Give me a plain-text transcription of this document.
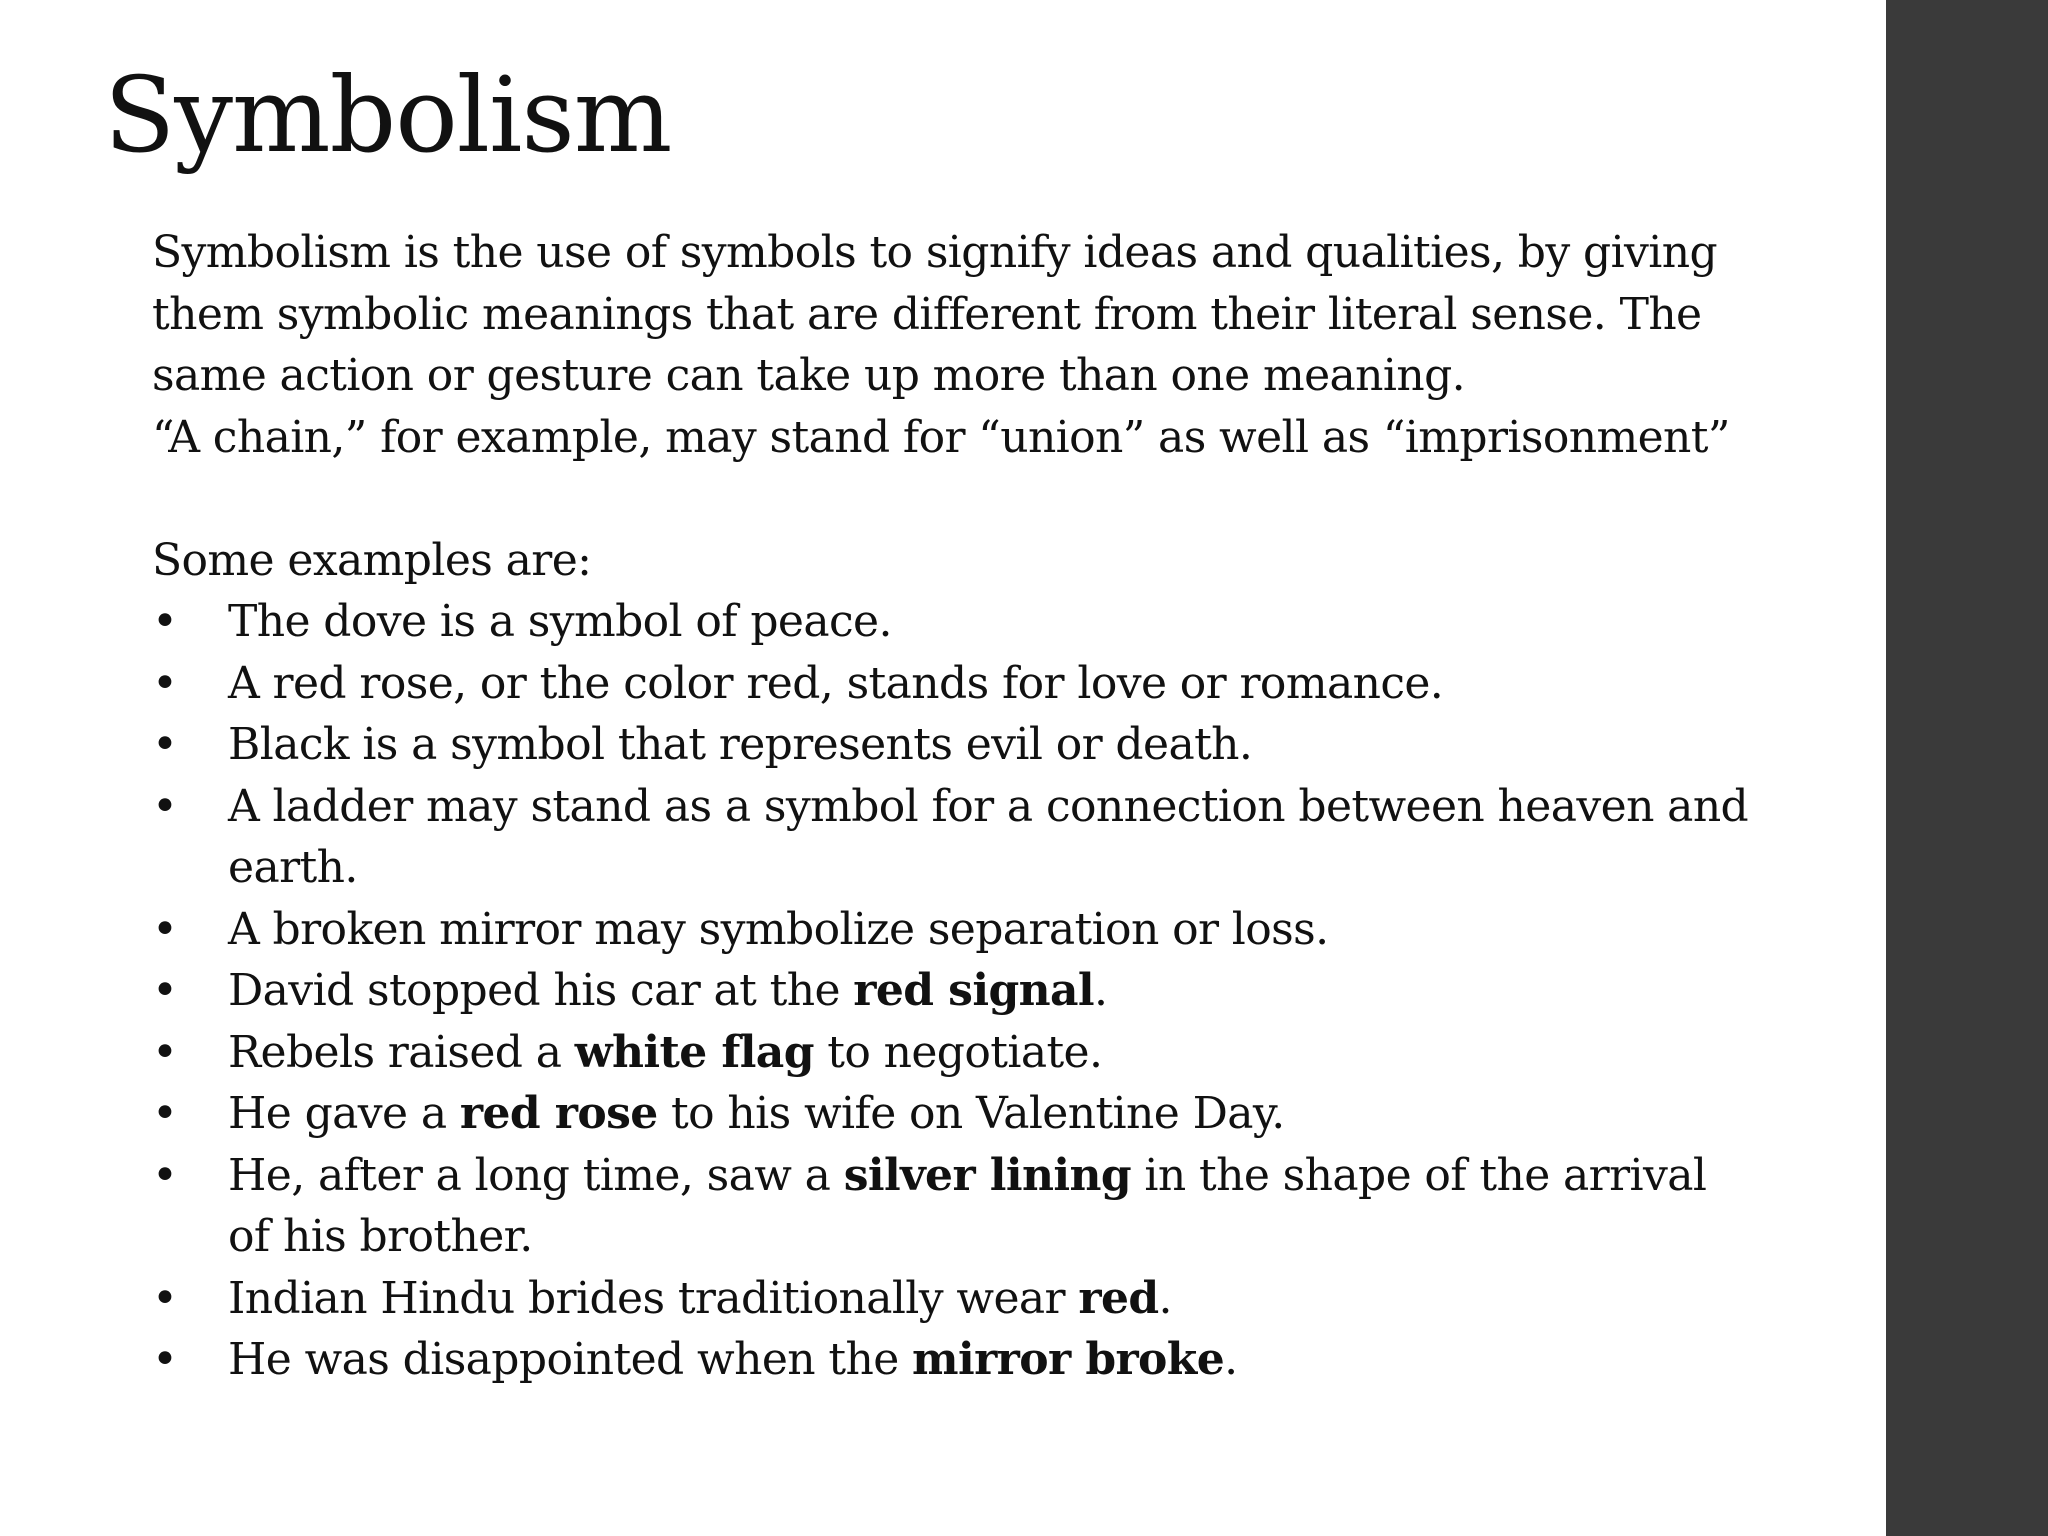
Symbolism

Symbolism is the use of symbols to signify ideas and qualities, by giving
them symbolic meanings that are different from their literal sense. The
same action or gesture can take up more than one meaning.
“A chain,” for example, may stand for “union” as well as “imprisonment”

Some examples are:

•	The dove is a symbol of peace.
•	A red rose, or the color red, stands for love or romance.
•	Black is a symbol that represents evil or death.
•	A ladder may stand as a symbol for a connection between heaven and
earth.
•	A broken mirror may symbolize separation or loss.
•	David stopped his car at the red signal.
•	Rebels raised a white flag to negotiate.
•	He gave a red rose to his wife on Valentine Day.
•	He, after a long time, saw a silver lining in the shape of the arrival
of his brother.
•	Indian Hindu brides traditionally wear red.
•	He was disappointed when the mirror broke.
